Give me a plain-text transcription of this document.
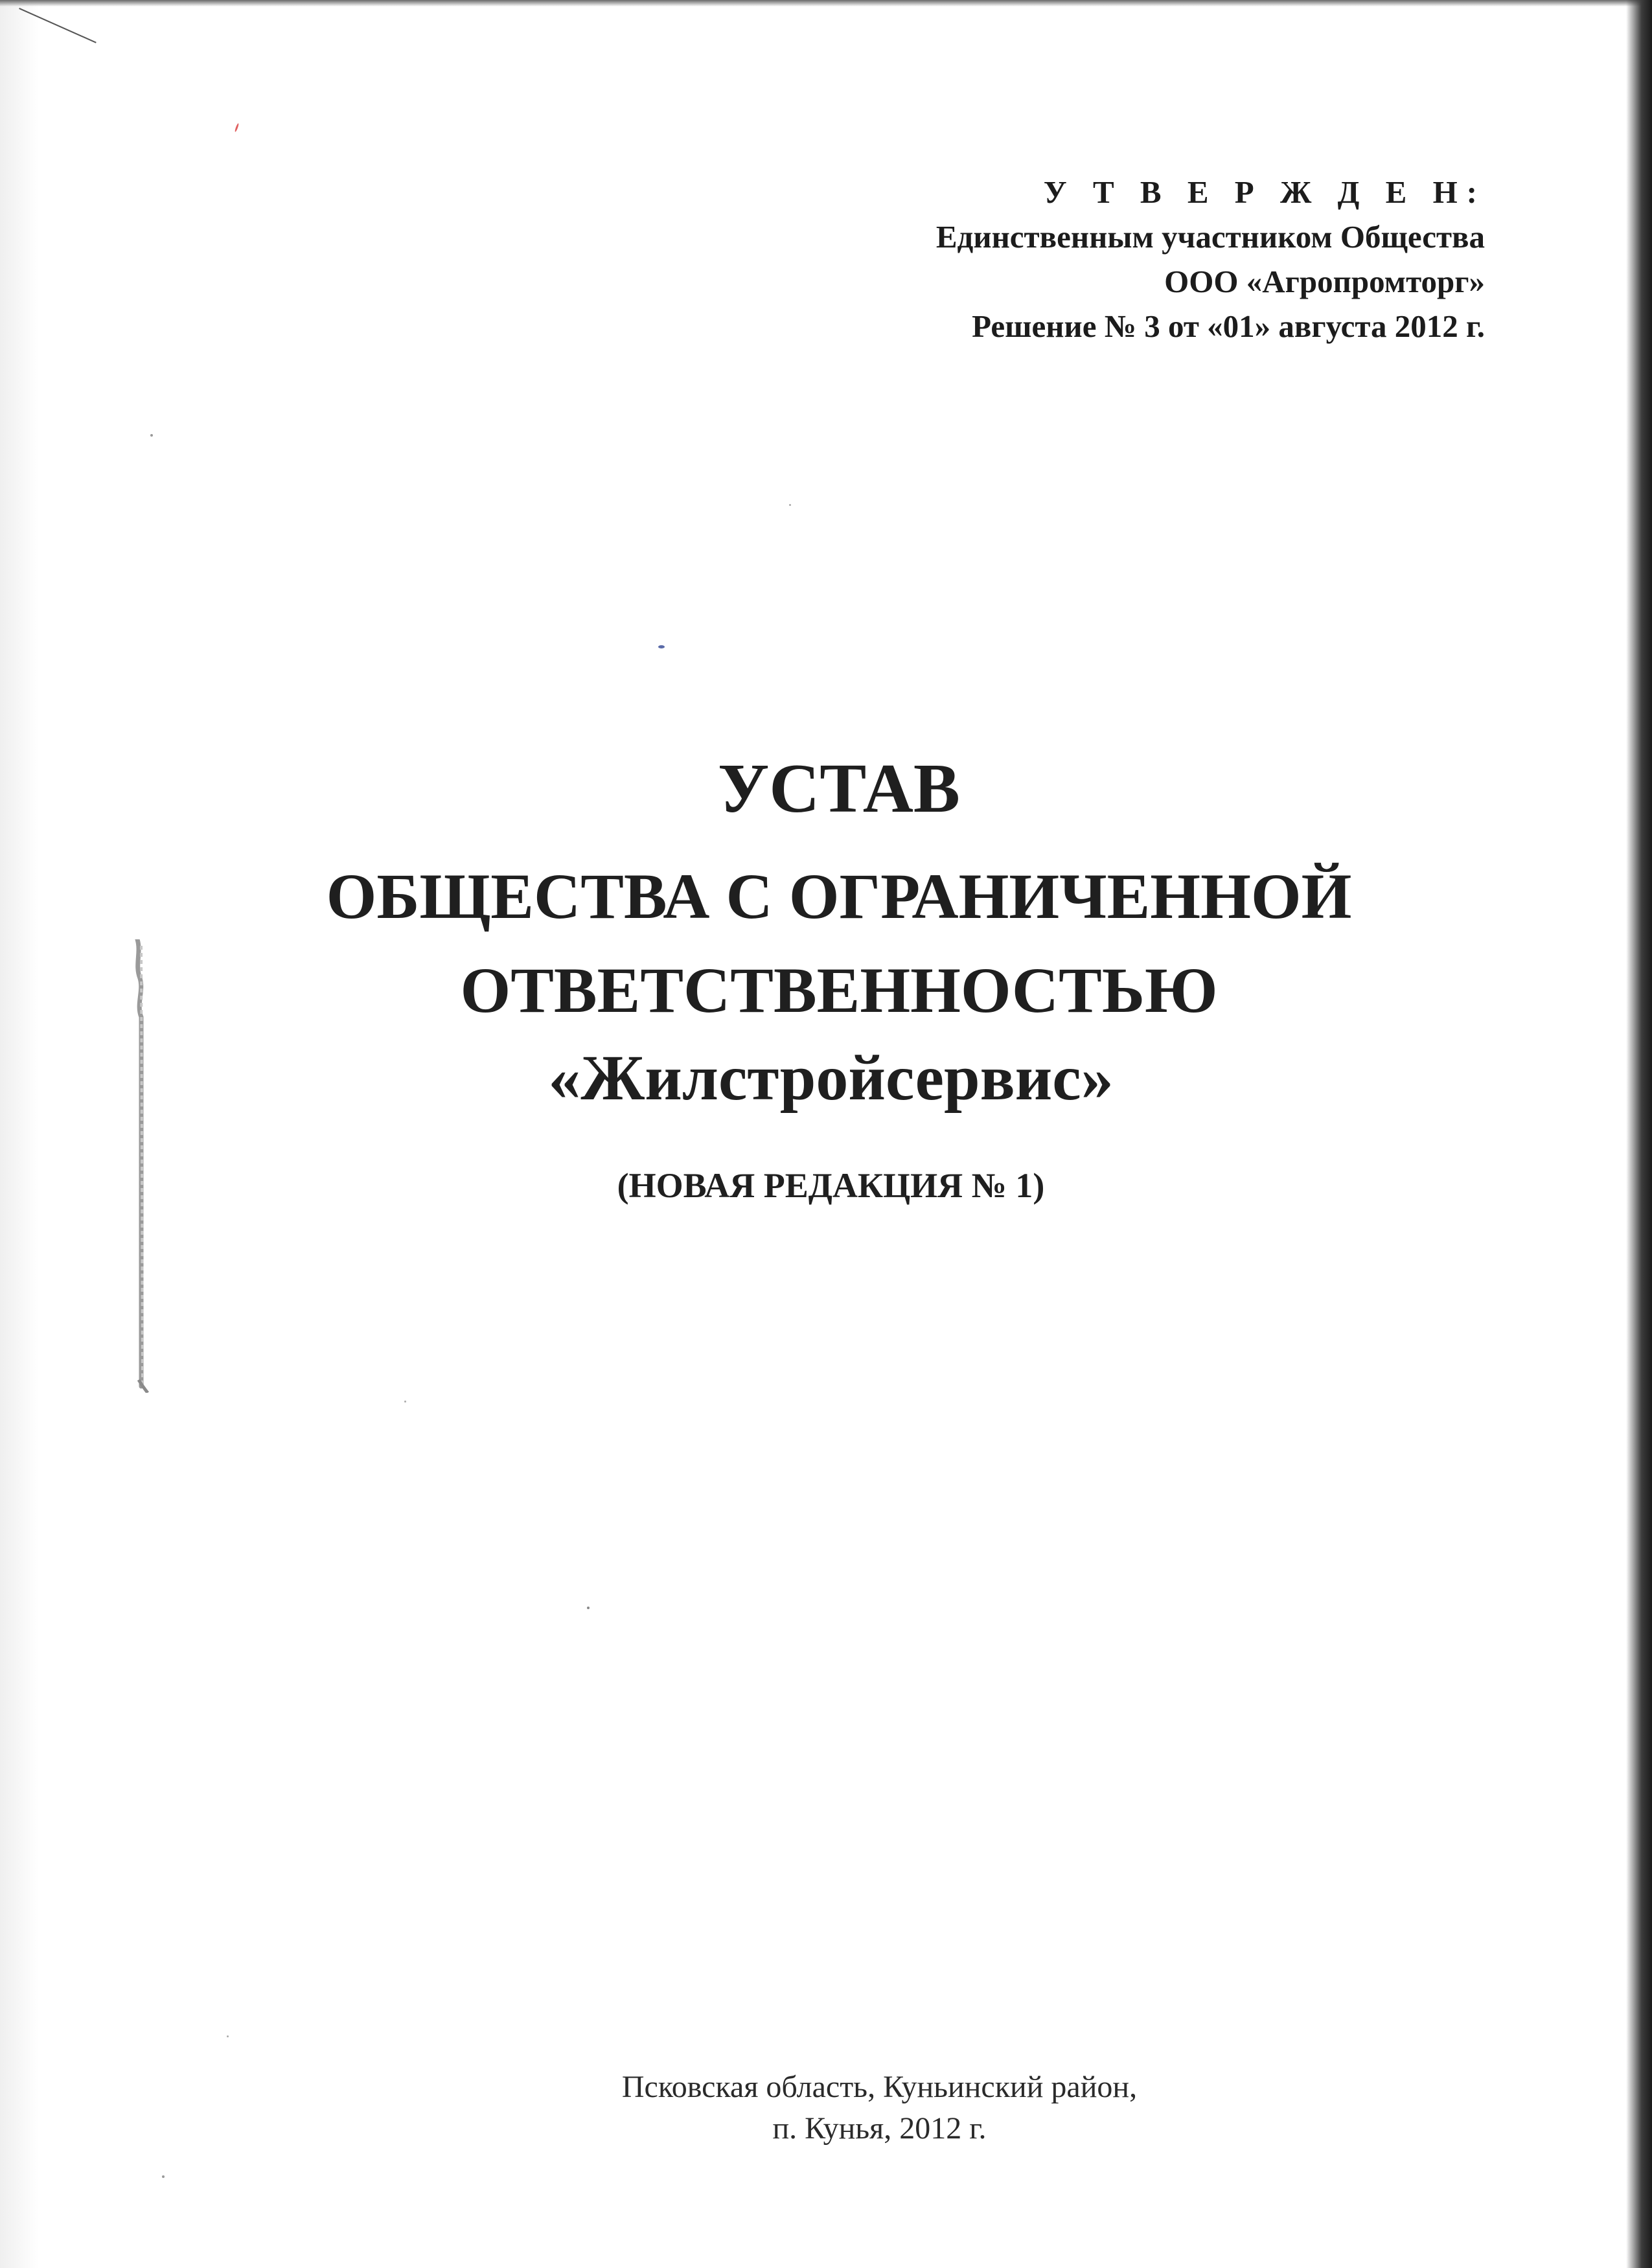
У Т В Е Р Ж Д Е Н:
Единственным участником Общества
ООО «Агропромторг»
Решение № 3 от «01» августа 2012 г.
УСТАВ
ОБЩЕСТВА С ОГРАНИЧЕННОЙ
ОТВЕТСТВЕННОСТЬЮ
«Жилстройсервис»
(НОВАЯ РЕДАКЦИЯ № 1)
Псковская область, Куньинский район,
п. Кунья, 2012 г.
